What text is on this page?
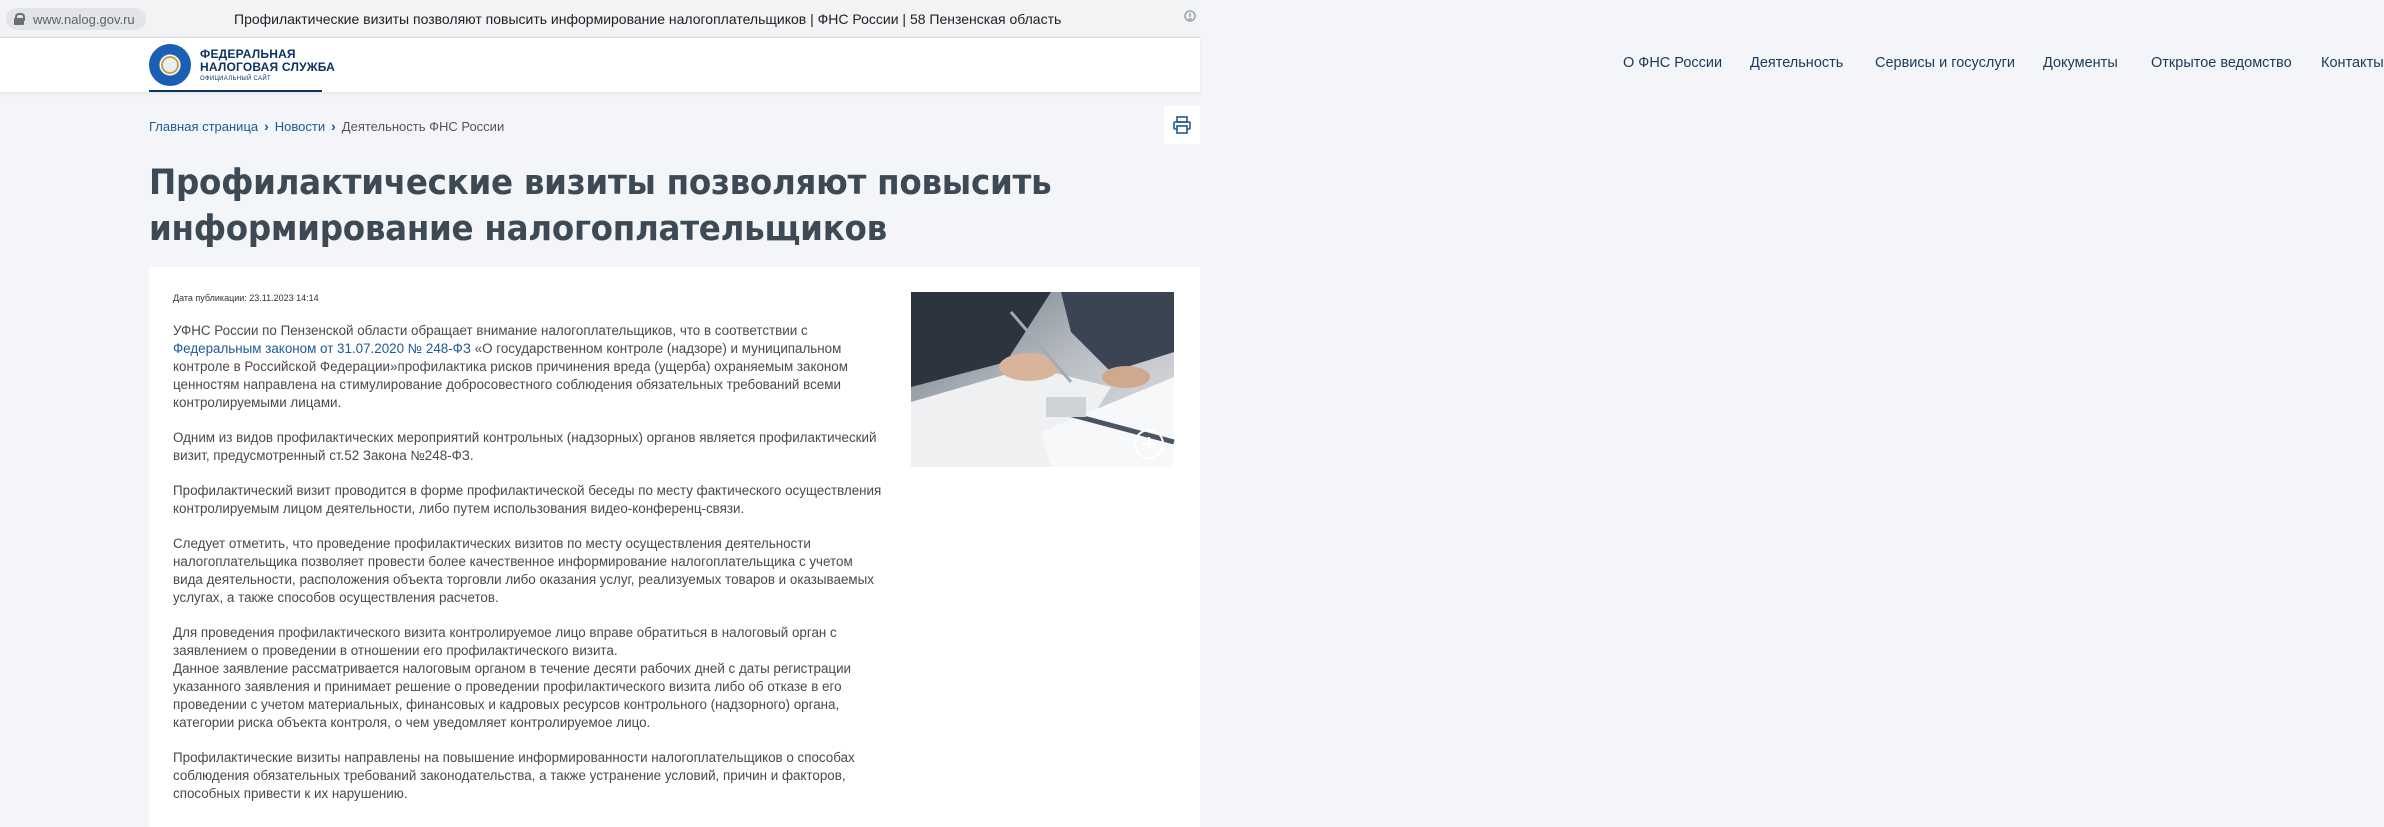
www.nalog.gov.ru	Профилактические визиты позволяют повысить информирование налогоплательщиков | ФНС России | 58 Пензенская область
ФЕДЕРАЛЬНАЯ
НАЛОГОВАЯ СЛУЖБА
ОФИЦИАЛЬНЫЙ САЙТ
О ФНС России Деятельность Сервисы и госуслуги Документы Открытое ведомство Контакты
Главная страница › Новости › Деятельность ФНС России
Профилактические визиты позволяют повысить информирование налогоплательщиков
Дата публикации: 23.11.2023 14:14

УФНС России по Пензенской области обращает внимание налогоплательщиков, что в соответствии с Федеральным законом от 31.07.2020 № 248-ФЗ «О государственном контроле (надзоре) и муниципальном контроле в Российской Федерации»профилактика рисков причинения вреда (ущерба) охраняемым законом ценностям направлена на стимулирование добросовестного соблюдения обязательных требований всеми контролируемыми лицами.

Одним из видов профилактических мероприятий контрольных (надзорных) органов является профилактический визит, предусмотренный ст.52 Закона №248-ФЗ.

Профилактический визит проводится в форме профилактической беседы по месту фактического осуществления контролируемым лицом деятельности, либо путем использования видео-конференц-связи.

Следует отметить, что проведение профилактических визитов по месту осуществления деятельности налогоплательщика позволяет провести более качественное информирование налогоплательщика с учетом вида деятельности, расположения объекта торговли либо оказания услуг, реализуемых товаров и оказываемых услугах, а также способов осуществления расчетов.

Для проведения профилактического визита контролируемое лицо вправе обратиться в налоговый орган с заявлением о проведении в отношении его профилактического визита.

Данное заявление рассматривается налоговым органом в течение десяти рабочих дней с даты регистрации указанного заявления и принимает решение о проведении профилактического визита либо об отказе в его проведении с учетом материальных, финансовых и кадровых ресурсов контрольного (надзорного) органа, категории риска объекта контроля, о чем уведомляет контролируемое лицо.

Профилактические визиты направлены на повышение информированности налогоплательщиков о способах соблюдения обязательных требований законодательства, а также устранение условий, причин и факторов, способных привести к их нарушению.
